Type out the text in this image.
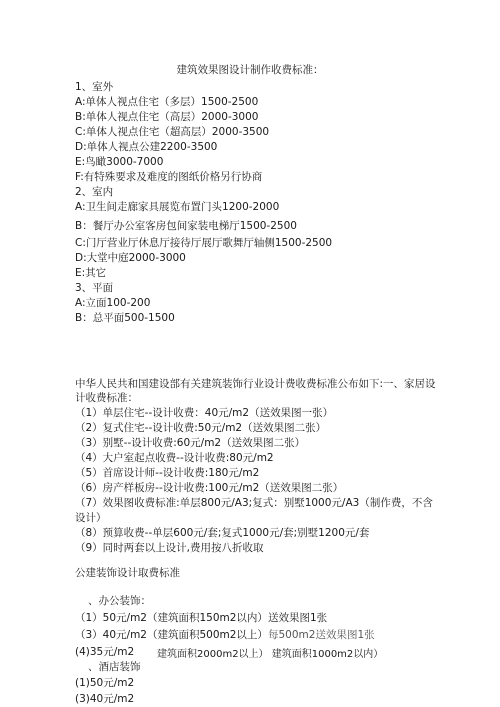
建筑效果图设计制作收费标准：
1、室外
A:单体人视点住宅（多层）1500-2500
B:单体人视点住宅（高层）2000-3000
C:单体人视点住宅（超高层）2000-3500
D:单体人视点公建2200-3500
E:鸟瞰3000-7000
F:有特殊要求及难度的图纸价格另行协商
2、室内
A:卫生间走廊家具展览布置门头1200-2000
B：餐厅办公室客房包间家装电梯厅1500-2500
C:门厅营业厅休息厅接待厅展厅歌舞厅轴侧1500-2500
D:大堂中庭2000-3000
E:其它
3、平面
A:立面100-200
B：总平面500-1500
中华人民共和国建设部有关建筑装饰行业设计费收费标准公布如下:一、家居设
计收费标准：
（1）单层住宅--设计收费：40元/m2（送效果图一张）
（2）复式住宅--设计收费:50元/m2（送效果图二张）
（3）别墅--设计收费:60元/m2（送效果图二张）
（4）大户室起点收费--设计收费:80元/m2
（5）首席设计师--设计收费:180元/m2
（6）房产样板房--设计收费:100元/m2（送效果图二张）
（7）效果图收费标准:单层800元/A3;复式：别墅1000元/A3（制作费，不含
设计）
（8）预算收费--单层600元/套;复式1000元/套;别墅1200元/套
（9）同时两套以上设计,费用按八折收取
公建装饰设计取费标准
、办公装饰：
（1）50元/m2（建筑面积150m2以内） 送效果图1张
（3）40元/m2（建筑面积500m2以上） 每500m2送效果图1张
(4)35元/m2 建筑面积2000m2以上） 建筑面积1000m2以内）
、酒店装饰
(1)50元/m2
(3)40元/m2
